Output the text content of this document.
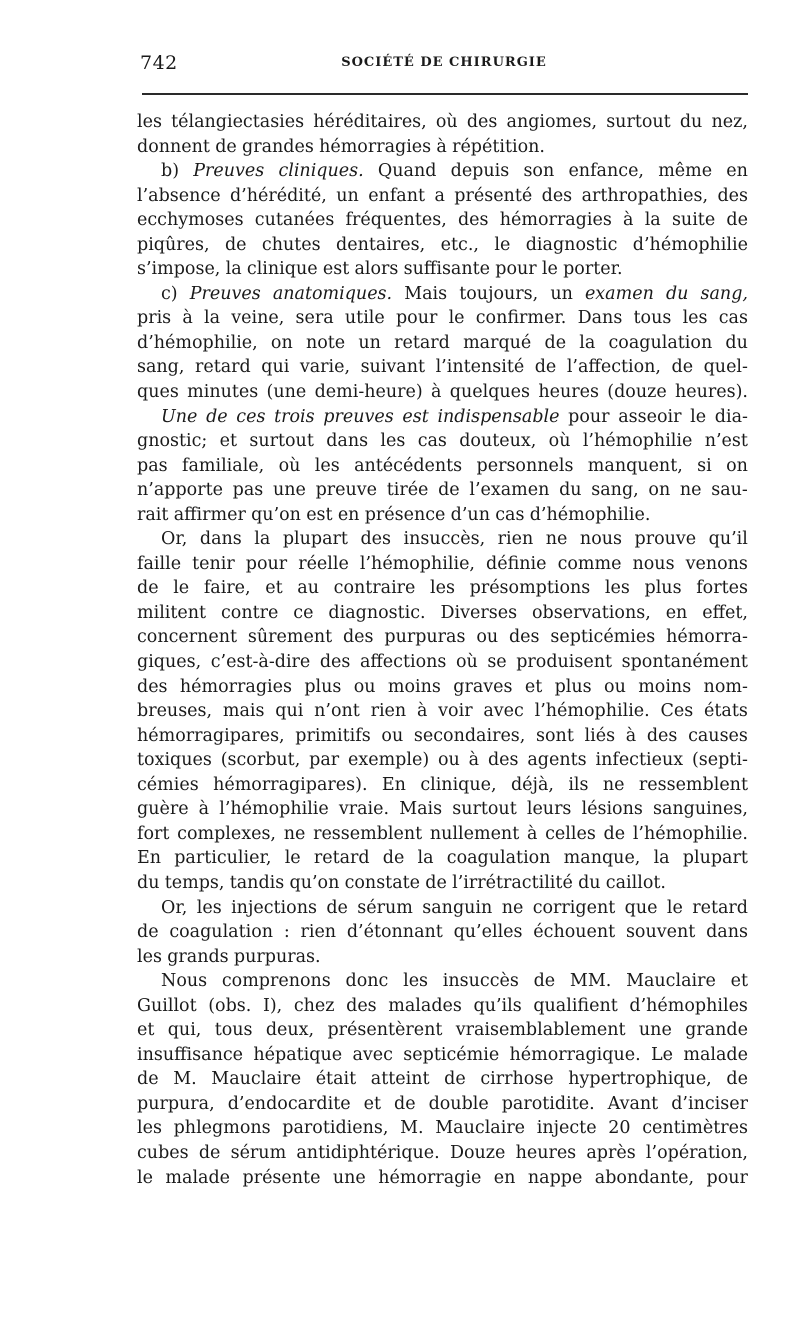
742	SOCIÉTÉ DE CHIRURGIE
les télangiectasies héréditaires, où des angiomes, surtout du nez,
donnent de grandes hémorragies à répétition.
b) Preuves cliniques. Quand depuis son enfance, même en
l’absence d’hérédité, un enfant a présenté des arthropathies, des
ecchymoses cutanées fréquentes, des hémorragies à la suite de
piqûres, de chutes dentaires, etc., le diagnostic d’hémophilie
s’impose, la clinique est alors suffisante pour le porter.
c) Preuves anatomiques. Mais toujours, un examen du sang,
pris à la veine, sera utile pour le confirmer. Dans tous les cas
d’hémophilie, on note un retard marqué de la coagulation du
sang, retard qui varie, suivant l’intensité de l’affection, de quel-
ques minutes (une demi-heure) à quelques heures (douze heures).
Une de ces trois preuves est indispensable pour asseoir le dia-
gnostic; et surtout dans les cas douteux, où l’hémophilie n’est
pas familiale, où les antécédents personnels manquent, si on
n’apporte pas une preuve tirée de l’examen du sang, on ne sau-
rait affirmer qu’on est en présence d’un cas d’hémophilie.
Or, dans la plupart des insuccès, rien ne nous prouve qu’il
faille tenir pour réelle l’hémophilie, définie comme nous venons
de le faire, et au contraire les présomptions les plus fortes
militent contre ce diagnostic. Diverses observations, en effet,
concernent sûrement des purpuras ou des septicémies hémorra-
giques, c’est-à-dire des affections où se produisent spontanément
des hémorragies plus ou moins graves et plus ou moins nom-
breuses, mais qui n’ont rien à voir avec l’hémophilie. Ces états
hémorragipares, primitifs ou secondaires, sont liés à des causes
toxiques (scorbut, par exemple) ou à des agents infectieux (septi-
cémies hémorragipares). En clinique, déjà, ils ne ressemblent
guère à l’hémophilie vraie. Mais surtout leurs lésions sanguines,
fort complexes, ne ressemblent nullement à celles de l’hémophilie.
En particulier, le retard de la coagulation manque, la plupart
du temps, tandis qu’on constate de l’irrétractilité du caillot.
Or, les injections de sérum sanguin ne corrigent que le retard
de coagulation : rien d’étonnant qu’elles échouent souvent dans
les grands purpuras.
Nous comprenons donc les insuccès de MM. Mauclaire et
Guillot (obs. I), chez des malades qu’ils qualifient d’hémophiles
et qui, tous deux, présentèrent vraisemblablement une grande
insuffisance hépatique avec septicémie hémorragique. Le malade
de M. Mauclaire était atteint de cirrhose hypertrophique, de
purpura, d’endocardite et de double parotidite. Avant d’inciser
les phlegmons parotidiens, M. Mauclaire injecte 20 centimètres
cubes de sérum antidiphtérique. Douze heures après l’opération,
le malade présente une hémorragie en nappe abondante, pour
